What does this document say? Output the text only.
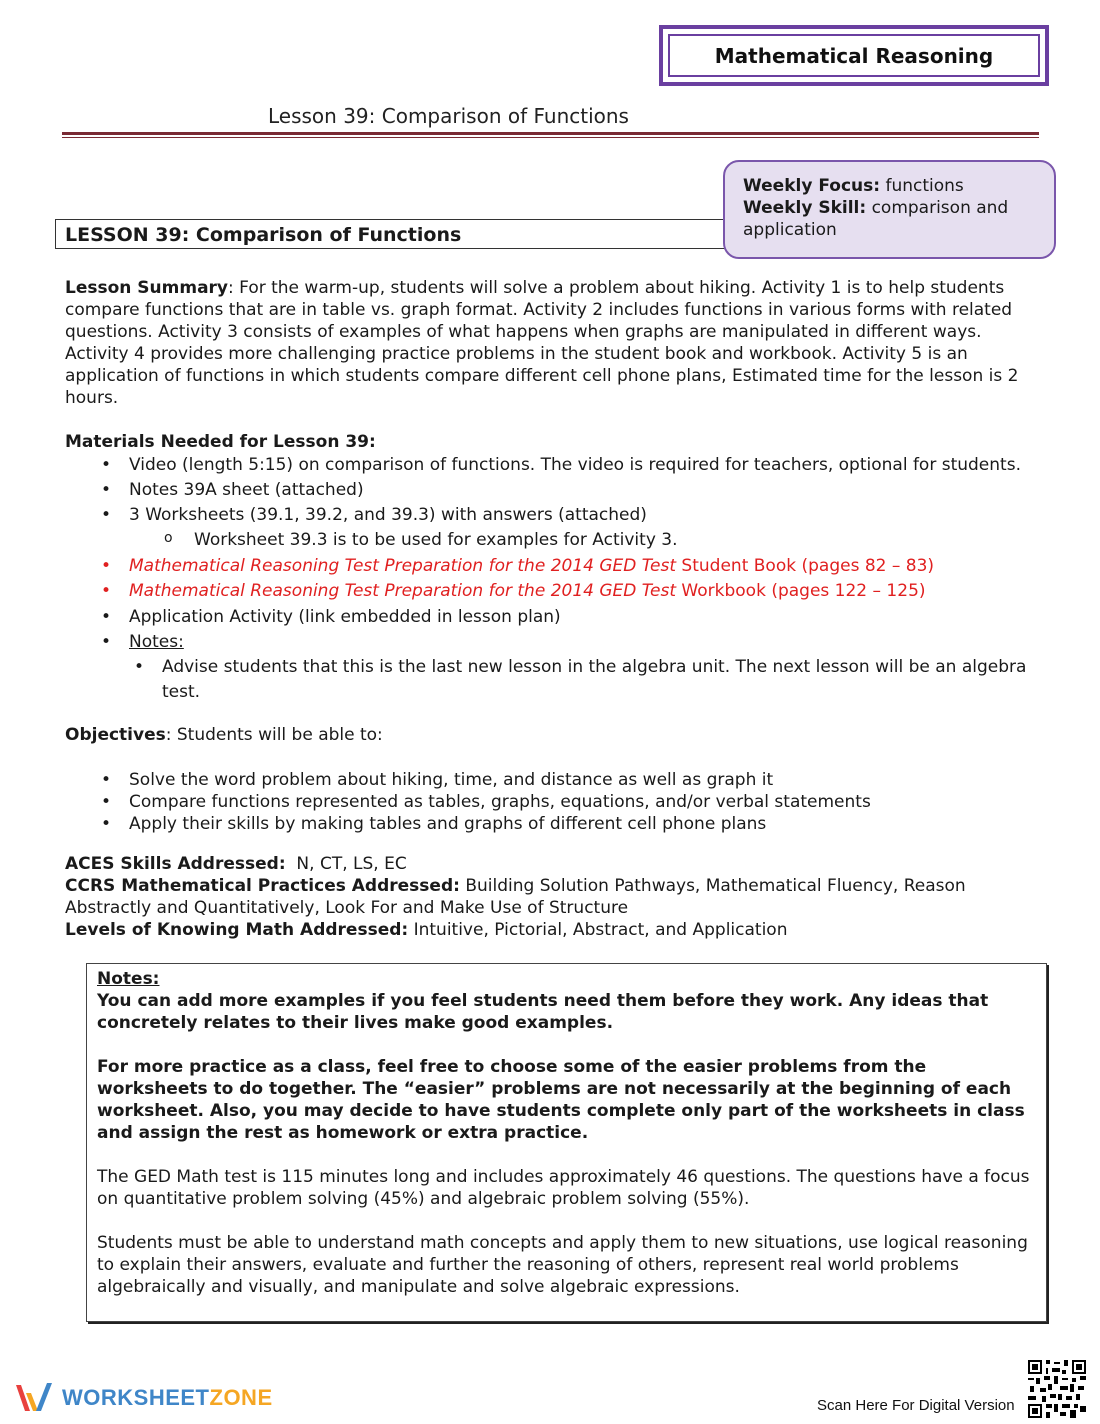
Mathematical Reasoning
Lesson 39: Comparison of Functions
LESSON 39: Comparison of Functions
Weekly Focus: functions
Weekly Skill: comparison and application
Lesson Summary: For the warm-up, students will solve a problem about hiking. Activity 1 is to help students compare functions that are in table vs. graph format. Activity 2 includes functions in various forms with related questions. Activity 3 consists of examples of what happens when graphs are manipulated in different ways. Activity 4 provides more challenging practice problems in the student book and workbook. Activity 5 is an application of functions in which students compare different cell phone plans, Estimated time for the lesson is 2 hours.
Materials Needed for Lesson 39:
• Video (length 5:15) on comparison of functions. The video is required for teachers, optional for students.
• Notes 39A sheet (attached)
• 3 Worksheets (39.1, 39.2, and 39.3) with answers (attached)
o Worksheet 39.3 is to be used for examples for Activity 3.
• Mathematical Reasoning Test Preparation for the 2014 GED Test Student Book (pages 82 – 83)
• Mathematical Reasoning Test Preparation for the 2014 GED Test Workbook (pages 122 – 125)
• Application Activity (link embedded in lesson plan)
• Notes:
• Advise students that this is the last new lesson in the algebra unit. The next lesson will be an algebra
test.
Objectives: Students will be able to:
• Solve the word problem about hiking, time, and distance as well as graph it
• Compare functions represented as tables, graphs, equations, and/or verbal statements
• Apply their skills by making tables and graphs of different cell phone plans
ACES Skills Addressed:  N, CT, LS, EC
CCRS Mathematical Practices Addressed: Building Solution Pathways, Mathematical Fluency, Reason Abstractly and Quantitatively, Look For and Make Use of Structure
Levels of Knowing Math Addressed: Intuitive, Pictorial, Abstract, and Application
Notes:

You can add more examples if you feel students need them before they work. Any ideas that concretely relates to their lives make good examples.

For more practice as a class, feel free to choose some of the easier problems from the worksheets to do together. The “easier” problems are not necessarily at the beginning of each worksheet. Also, you may decide to have students complete only part of the worksheets in class and assign the rest as homework or extra practice.

The GED Math test is 115 minutes long and includes approximately 46 questions. The questions have a focus on quantitative problem solving (45%) and algebraic problem solving (55%).

Students must be able to understand math concepts and apply them to new situations, use logical reasoning to explain their answers, evaluate and further the reasoning of others, represent real world problems algebraically and visually, and manipulate and solve algebraic expressions.

WORKSHEETZONE	Scan Here For Digital Version
